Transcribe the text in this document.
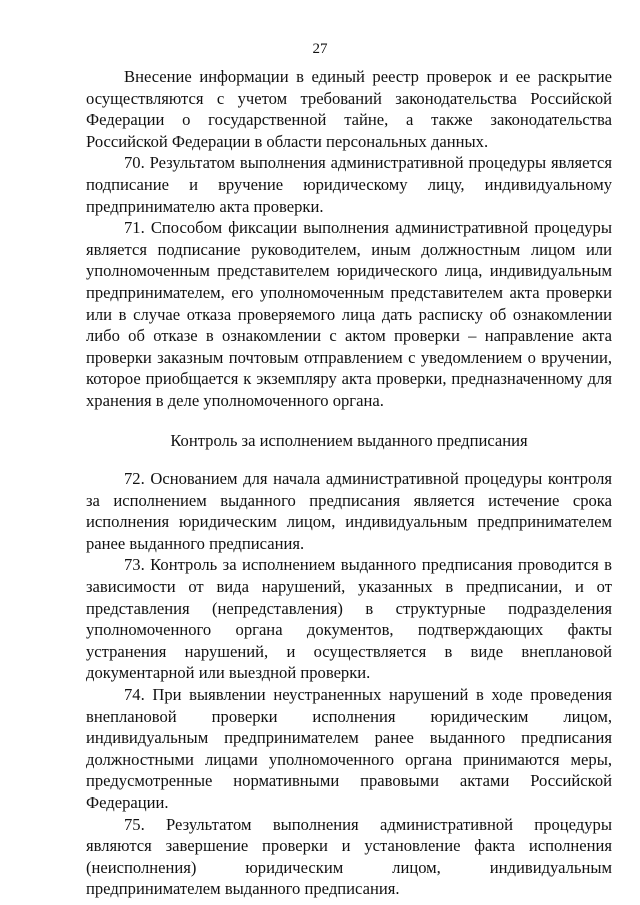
27

Внесение информации в единый реестр проверок и ее раскрытие осуществляются с учетом требований законодательства Российской Федерации о государственной тайне, а также законодательства Российской Федерации в области персональных данных.

70. Результатом выполнения административной процедуры является подписание и вручение юридическому лицу, индивидуальному предпринимателю акта проверки.

71. Способом фиксации выполнения административной процедуры является подписание руководителем, иным должностным лицом или уполномоченным представителем юридического лица, индивидуальным предпринимателем, его уполномоченным представителем акта проверки или в случае отказа проверяемого лица дать расписку об ознакомлении либо об отказе в ознакомлении с актом проверки – направление акта проверки заказным почтовым отправлением с уведомлением о вручении, которое приобщается к экземпляру акта проверки, предназначенному для хранения в деле уполномоченного органа.

Контроль за исполнением выданного предписания

72. Основанием для начала административной процедуры контроля за исполнением выданного предписания является истечение срока исполнения юридическим лицом, индивидуальным предпринимателем ранее выданного предписания.

73. Контроль за исполнением выданного предписания проводится в зависимости от вида нарушений, указанных в предписании, и от представления (непредставления) в структурные подразделения уполномоченного органа документов, подтверждающих факты устранения нарушений, и осуществляется в виде внеплановой документарной или выездной проверки.

74. При выявлении неустраненных нарушений в ходе проведения внеплановой проверки исполнения юридическим лицом, индивидуальным предпринимателем ранее выданного предписания должностными лицами уполномоченного органа принимаются меры, предусмотренные нормативными правовыми актами Российской Федерации.

75. Результатом выполнения административной процедуры являются завершение проверки и установление факта исполнения (неисполнения) юридическим лицом, индивидуальным предпринимателем выданного предписания.
